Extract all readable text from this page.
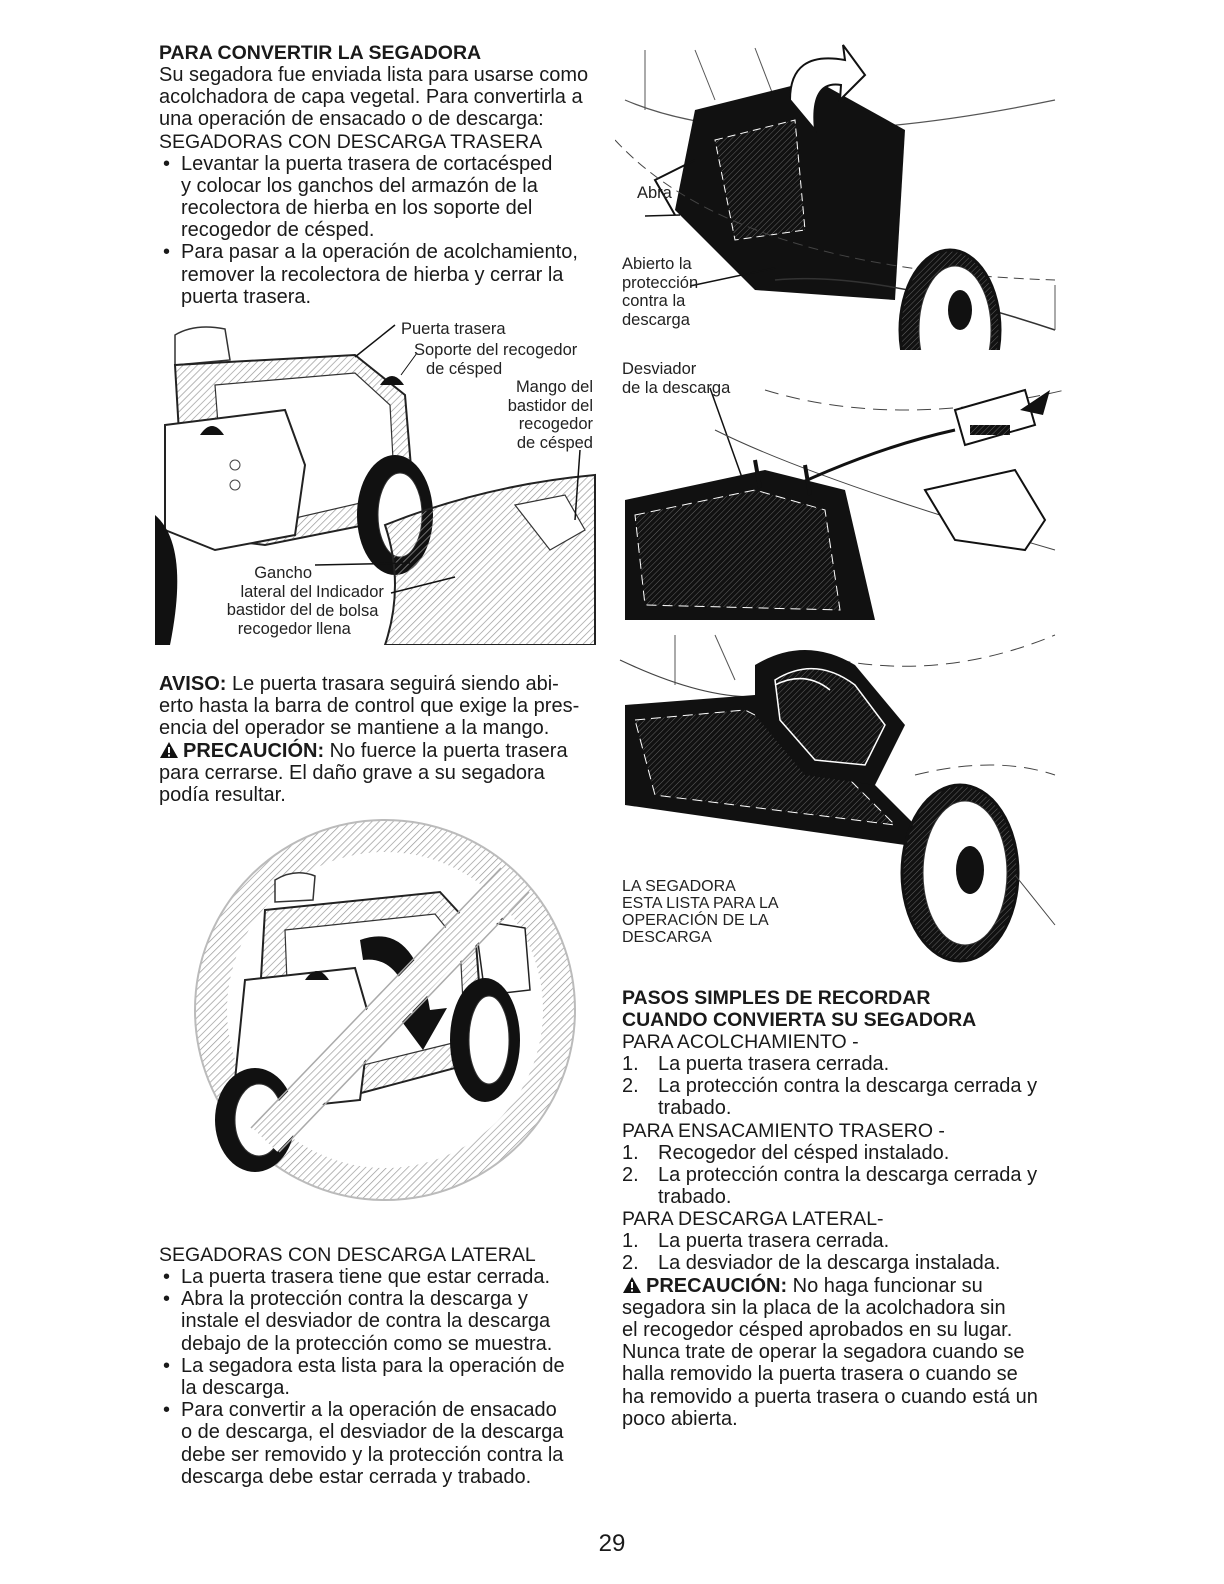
PARA CONVERTIR LA SEGADORA

Su segadora fue enviada lista para usarse como

acolchadora de capa vegetal. Para convertirla a

una operación de ensacado o de descarga:

SEGADORAS CON DESCARGA TRASERA
• Levantar la puerta trasera de cortacésped
y colocar los ganchos del armazón de la
recolectora de hierba en los soporte del
recogedor de césped.
• Para pasar a la operación de acolchamiento,
remover la recolectora de hierba y cerrar la
puerta trasera.
Puerta trasera
Soporte del recogedor
de césped
Mango del
bastidor del
recogedor
de césped
Gancho
lateral del
bastidor del
recogedor
Indicador
de bolsa
llena
AVISO: Le puerta trasara seguirá siendo abi-
erto hasta la barra de control que exige la pres-
encia del operador se mantiene a la mango.
PRECAUCIÓN: No fuerce la puerta trasera
para cerrarse. El daño grave a su segadora
podía resultar.
SEGADORAS CON DESCARGA LATERAL
• La puerta trasera tiene que estar cerrada.
• Abra la protección contra la descarga y
instale el desviador de contra la descarga
debajo de la protección como se muestra.
• La segadora esta lista para la operación de
la descarga.
• Para convertir a la operación de ensacado
o de descarga, el desviador de la descarga
debe ser removido y la protección contra la
descarga debe estar cerrada y trabado.
Abra
Abierto la
protección
contra la
descarga
Desviador
de la descarga
LA SEGADORA
ESTA LISTA PARA LA
OPERACIÓN DE LA
DESCARGA
PASOS SIMPLES DE RECORDAR
CUANDO CONVIERTA SU SEGADORA
PARA ACOLCHAMIENTO -
1. La puerta trasera cerrada.
2. La protección contra la descarga cerrada y
trabado.
PARA ENSACAMIENTO TRASERO -
1. Recogedor del césped instalado.
2. La protección contra la descarga cerrada y
trabado.
PARA DESCARGA LATERAL-
1. La puerta trasera cerrada.
2. La desviador de la descarga instalada.
PRECAUCIÓN: No haga funcionar su
segadora sin la placa de la acolchadora sin
el recogedor césped aprobados en su lugar.
Nunca trate de operar la segadora cuando se
halla removido la puerta trasera o cuando se
ha removido a puerta trasera o cuando está un
poco abierta.
29
